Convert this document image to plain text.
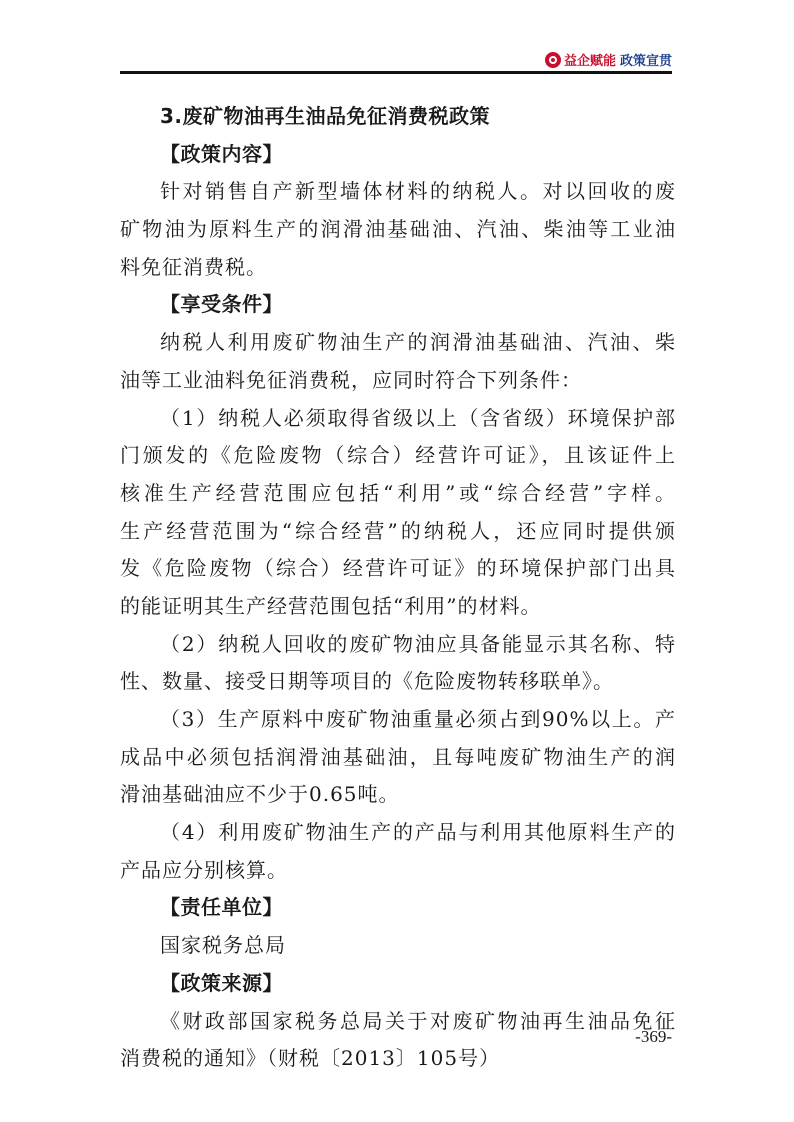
益企赋能 政策宣贯
3.废矿物油再生油品免征消费税政策
【政策内容】
针对销售自产新型墙体材料的纳税人。对以回收的废
矿物油为原料生产的润滑油基础油、汽油、柴油等工业油
料免征消费税。
【享受条件】
纳税人利用废矿物油生产的润滑油基础油、汽油、柴
油等工业油料免征消费税，应同时符合下列条件：
（1）纳税人必须取得省级以上（含省级）环境保护部
门颁发的《危险废物（综合）经营许可证》，且该证件上
核准生产经营范围应包括“利用”或“综合经营”字样。
生产经营范围为“综合经营”的纳税人，还应同时提供颁
发《危险废物（综合）经营许可证》的环境保护部门出具
的能证明其生产经营范围包括“利用”的材料。
（2）纳税人回收的废矿物油应具备能显示其名称、特
性、数量、接受日期等项目的《危险废物转移联单》。
（3）生产原料中废矿物油重量必须占到90%以上。产
成品中必须包括润滑油基础油，且每吨废矿物油生产的润
滑油基础油应不少于0.65吨。
（4）利用废矿物油生产的产品与利用其他原料生产的
产品应分别核算。
【责任单位】
国家税务总局
【政策来源】
《财政部国家税务总局关于对废矿物油再生油品免征
消费税的通知》（财税〔2013〕105号）
-369-
